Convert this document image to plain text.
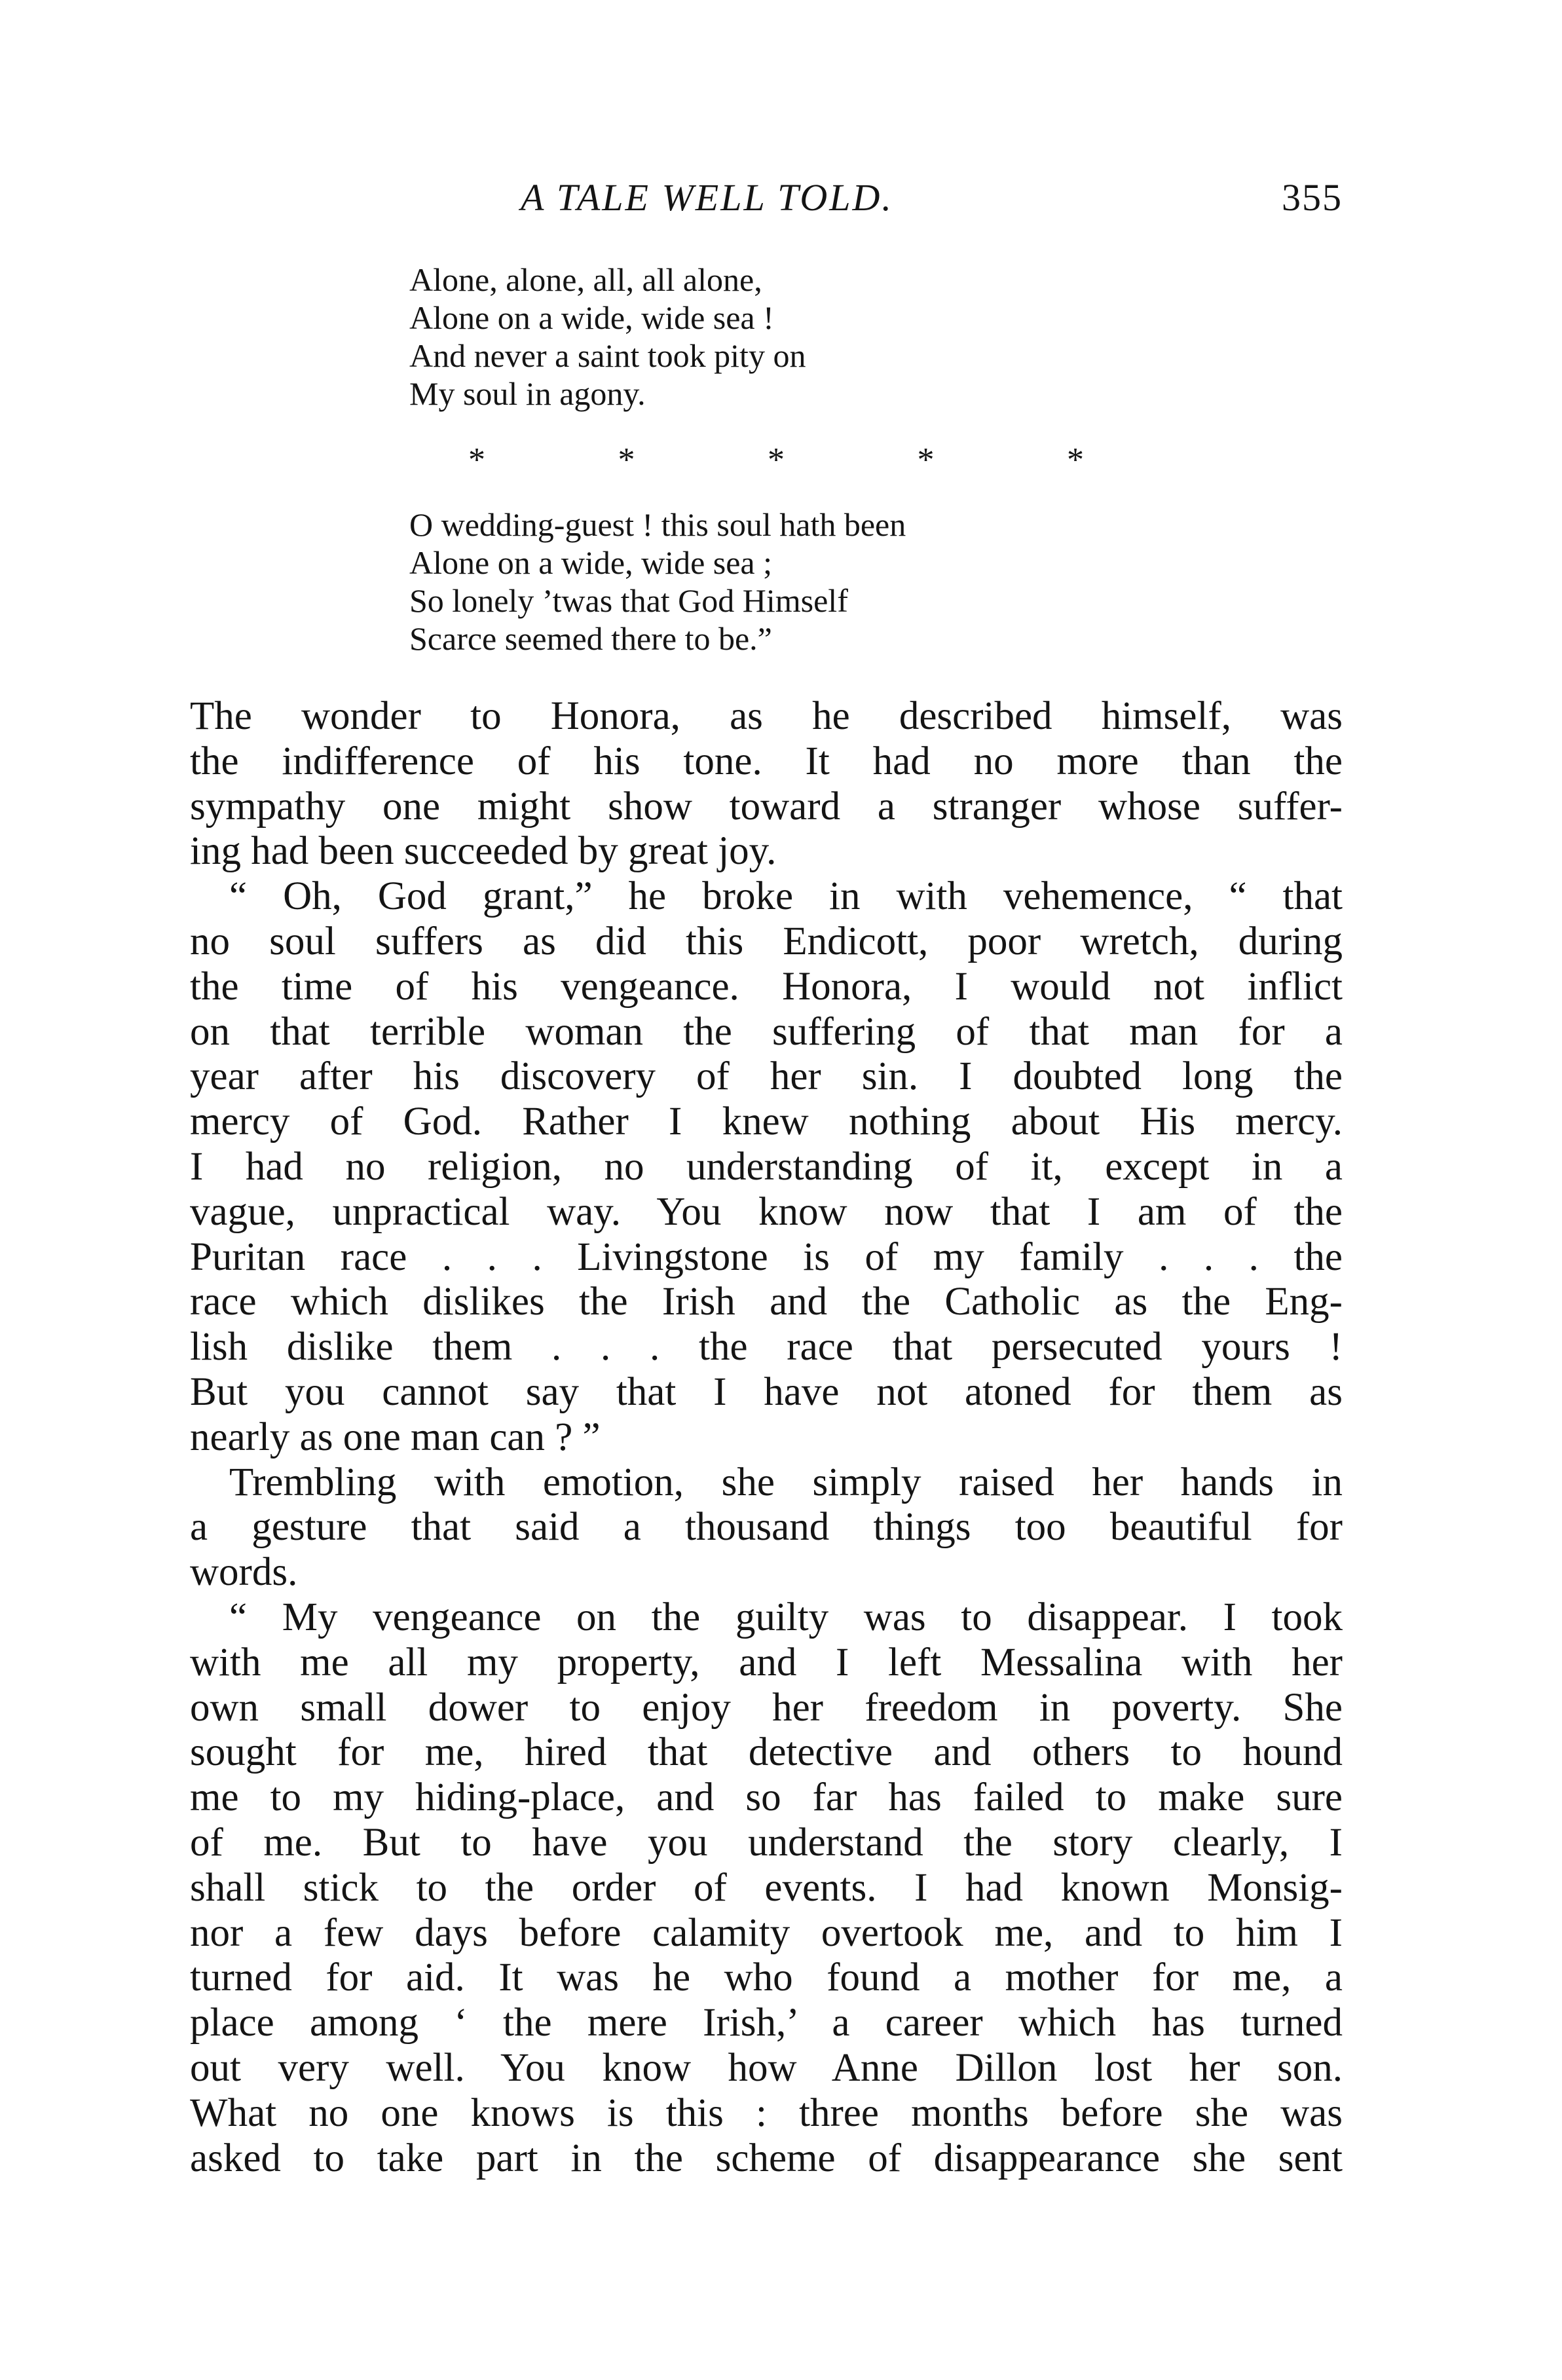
A TALE WELL TOLD.	355
Alone, alone, all, all alone,
Alone on a wide, wide sea !
And never a saint took pity on
My soul in agony.
*	*	*	*	*
O wedding-guest ! this soul hath been
Alone on a wide, wide sea ;
So lonely ’twas that God Himself
Scarce seemed there to be.”

The wonder to Honora, as he described himself, was
the indifference of his tone. It had no more than the
sympathy one might show toward a stranger whose suffer-
ing had been succeeded by great joy.

“ Oh, God grant,” he broke in with vehemence, “ that
no soul suffers as did this Endicott, poor wretch, during
the time of his vengeance. Honora, I would not inflict
on that terrible woman the suffering of that man for a
year after his discovery of her sin. I doubted long the
mercy of God. Rather I knew nothing about His mercy.
I had no religion, no understanding of it, except in a
vague, unpractical way. You know now that I am of the
Puritan race . . . Livingstone is of my family . . . the
race which dislikes the Irish and the Catholic as the Eng-
lish dislike them . . . the race that persecuted yours !
But you cannot say that I have not atoned for them as
nearly as one man can ? ”

Trembling with emotion, she simply raised her hands in
a gesture that said a thousand things too beautiful for
words.

“ My vengeance on the guilty was to disappear. I took
with me all my property, and I left Messalina with her
own small dower to enjoy her freedom in poverty. She
sought for me, hired that detective and others to hound
me to my hiding-place, and so far has failed to make sure
of me. But to have you understand the story clearly, I
shall stick to the order of events. I had known Monsig-
nor a few days before calamity overtook me, and to him I
turned for aid. It was he who found a mother for me, a
place among ‘ the mere Irish,’ a career which has turned
out very well. You know how Anne Dillon lost her son.
What no one knows is this : three months before she was
asked to take part in the scheme of disappearance she sent
